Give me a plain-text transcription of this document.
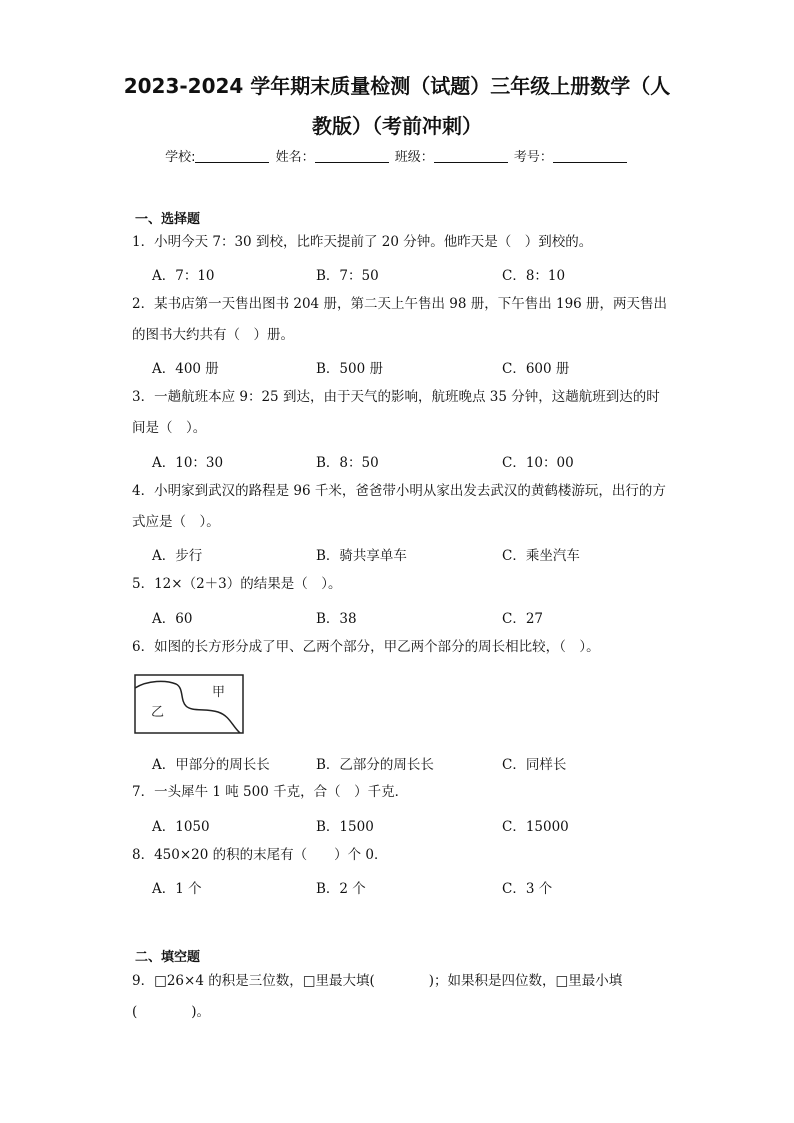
2023-2024 学年期末质量检测（试题）三年级上册数学（人
教版）（考前冲刺）
学校:	姓名：	班级：	考号：
一、选择题
1．小明今天 7：30 到校，比昨天提前了 20 分钟。他昨天是（　）到校的。
A．7：10	B．7：50	C．8：10
2．某书店第一天售出图书 204 册，第二天上午售出 98 册，下午售出 196 册，两天售出的图书大约共有（　）册。
A．400 册	B．500 册	C．600 册
3．一趟航班本应 9：25 到达，由于天气的影响，航班晚点 35 分钟，这趟航班到达的时间是（　）。
A．10：30	B．8：50	C．10：00
4．小明家到武汉的路程是 96 千米，爸爸带小明从家出发去武汉的黄鹤楼游玩，出行的方式应是（　）。
A．步行	B．骑共享单车	C．乘坐汽车
5．12×（2＋3）的结果是（　）。
A．60	B．38	C．27
6．如图的长方形分成了甲、乙两个部分，甲乙两个部分的周长相比较，（　）。
甲
乙
A．甲部分的周长长	B．乙部分的周长长	C．同样长
7．一头犀牛 1 吨 500 千克，合（　）千克．
A．1050	B．1500	C．15000
8．450×20 的积的末尾有（　　）个 0．
A．1 个	B．2 个	C．3 个
二、填空题
9．□26×4 的积是三位数，□里最大填(　　　　)；如果积是四位数，□里最小填
(　　　　)。
